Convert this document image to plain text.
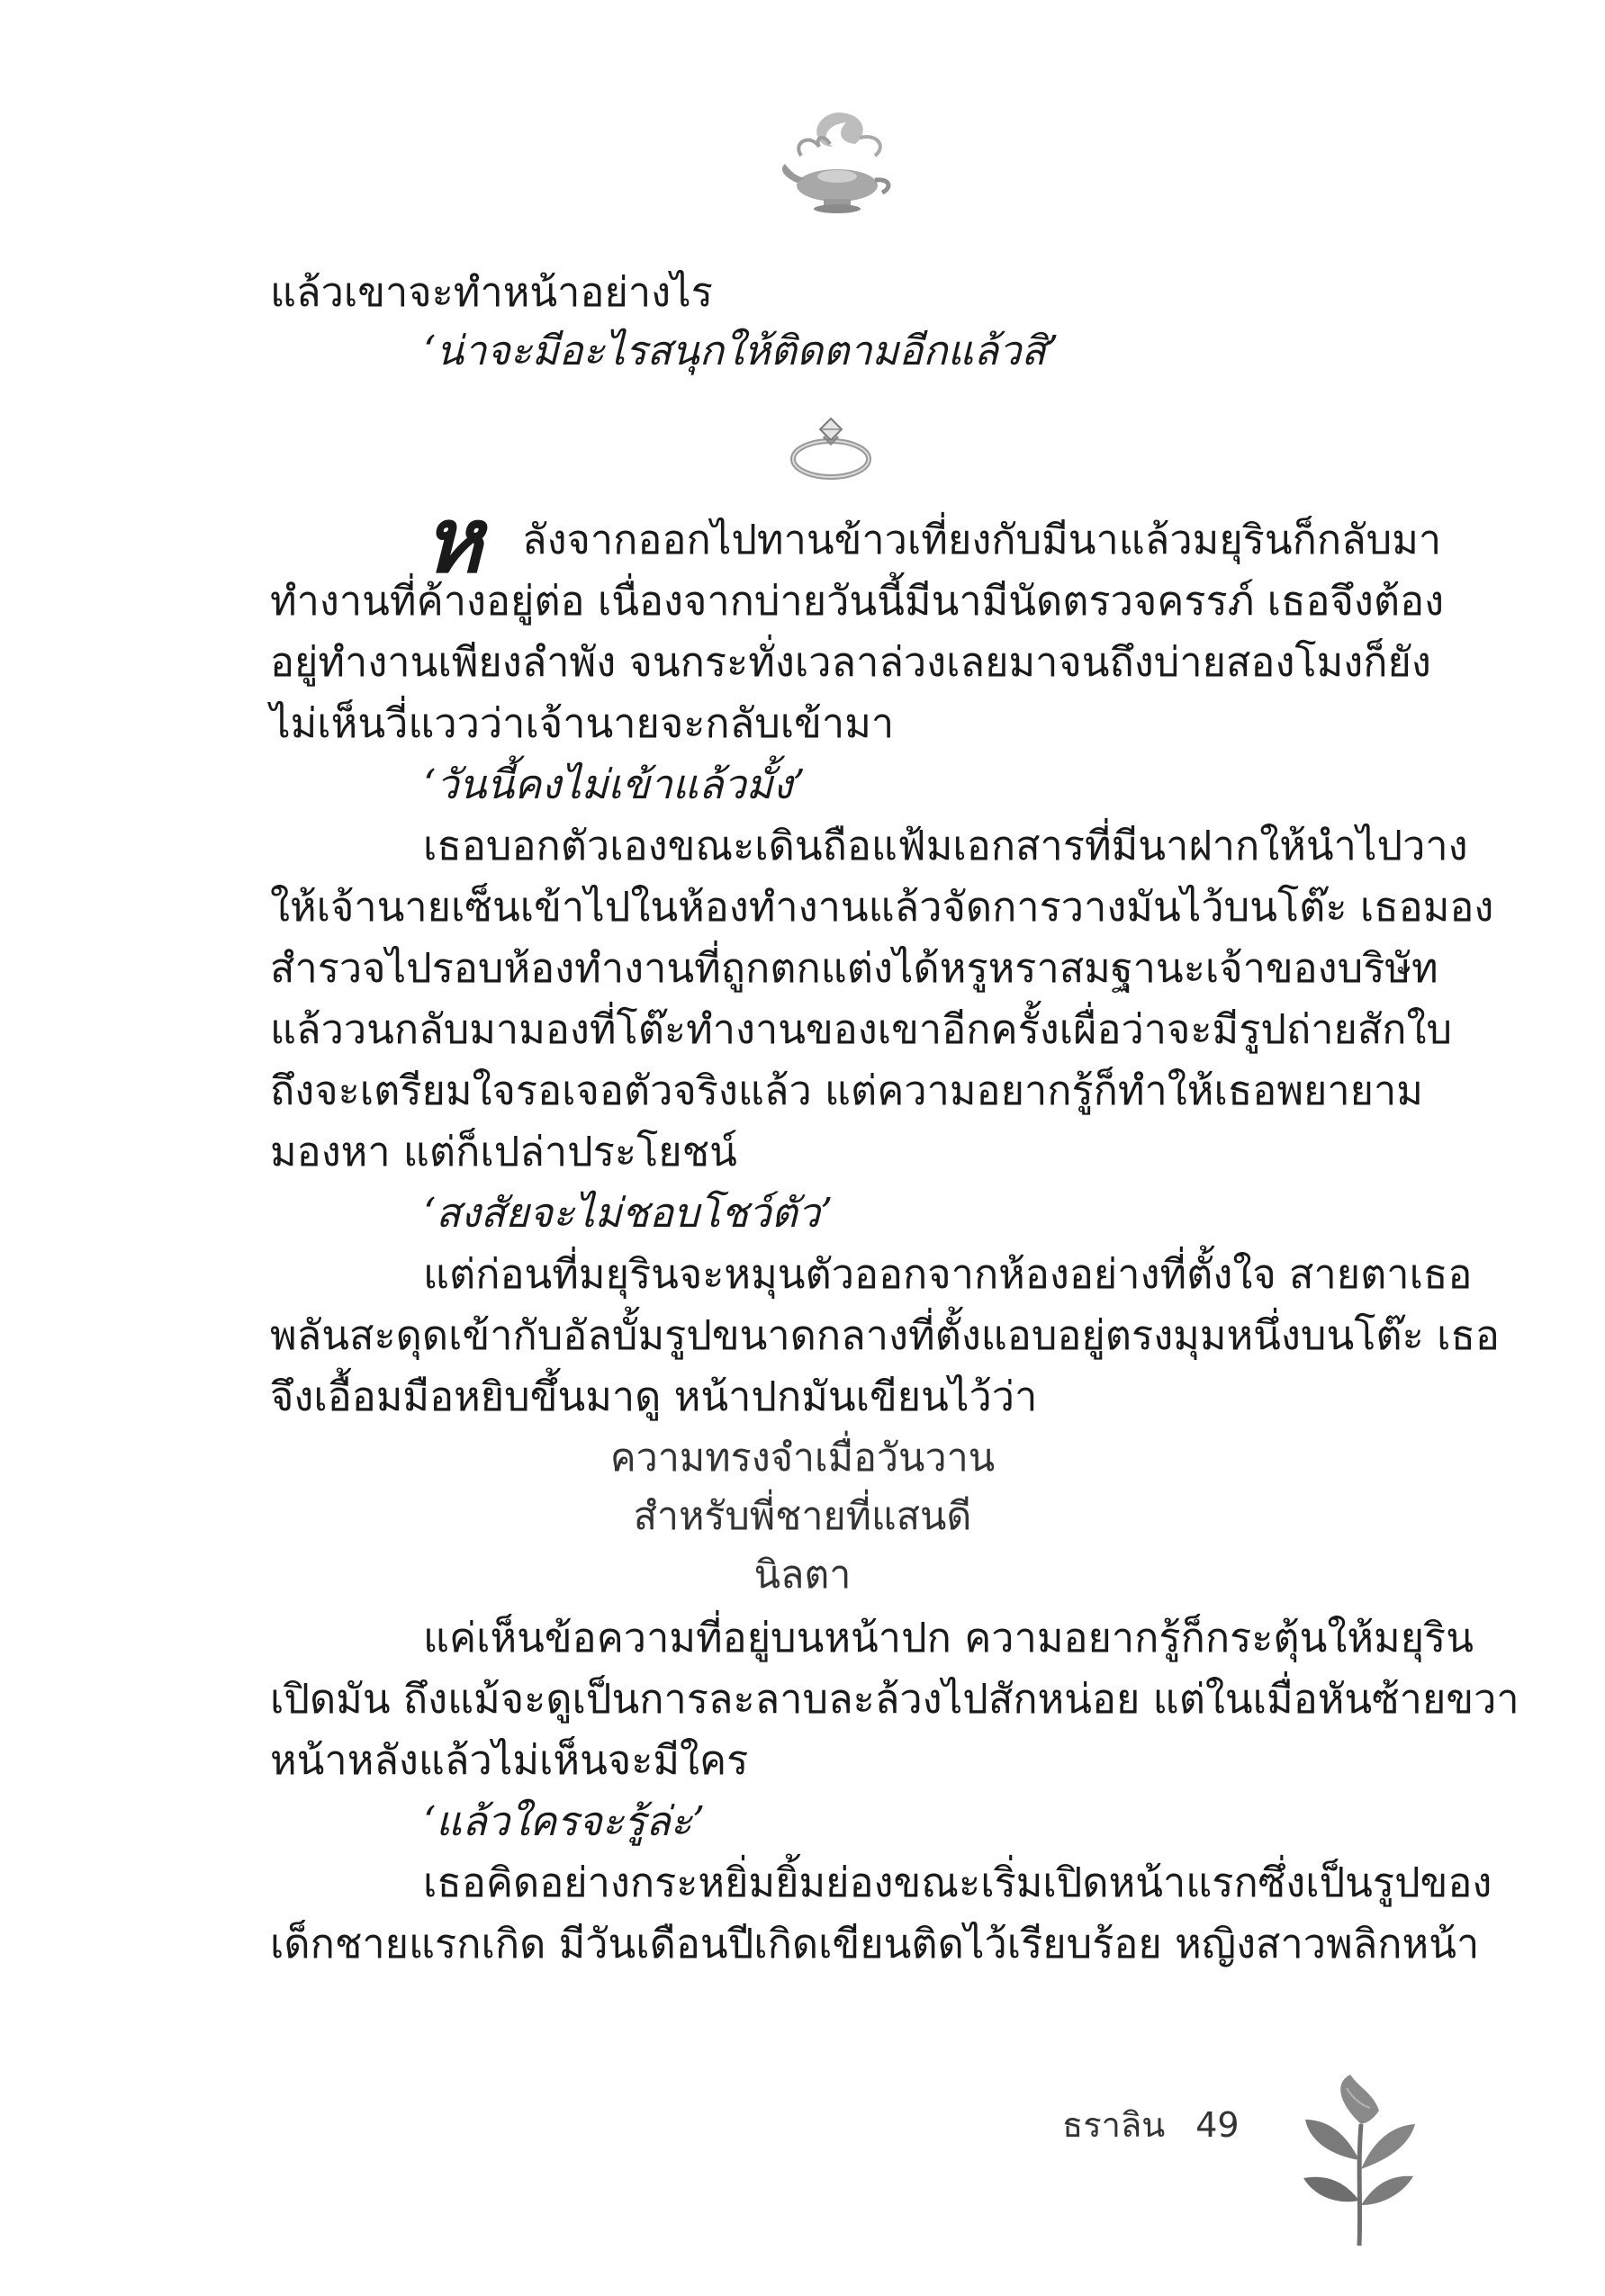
แล้วเขาจะทำหน้าอย่างไร
‘น่าจะมีอะไรสนุกให้ติดตามอีกแล้วสิ’
ห ลังจากออกไปทานข้าวเที่ยงกับมีนาแล้วมยุรินก็กลับมา
ทำงานที่ค้างอยู่ต่อ เนื่องจากบ่ายวันนี้มีนามีนัดตรวจครรภ์ เธอจึงต้อง
อยู่ทำงานเพียงลำพัง จนกระทั่งเวลาล่วงเลยมาจนถึงบ่ายสองโมงก็ยัง
ไม่เห็นวี่แววว่าเจ้านายจะกลับเข้ามา
‘วันนี้คงไม่เข้าแล้วมั้ง’
เธอบอกตัวเองขณะเดินถือแฟ้มเอกสารที่มีนาฝากให้นำไปวาง
ให้เจ้านายเซ็นเข้าไปในห้องทำงานแล้วจัดการวางมันไว้บนโต๊ะ เธอมอง
สำรวจไปรอบห้องทำงานที่ถูกตกแต่งได้หรูหราสมฐานะเจ้าของบริษัท
แล้ววนกลับมามองที่โต๊ะทำงานของเขาอีกครั้งเผื่อว่าจะมีรูปถ่ายสักใบ
ถึงจะเตรียมใจรอเจอตัวจริงแล้ว แต่ความอยากรู้ก็ทำให้เธอพยายาม
มองหา แต่ก็เปล่าประโยชน์
‘สงสัยจะไม่ชอบโชว์ตัว’
แต่ก่อนที่มยุรินจะหมุนตัวออกจากห้องอย่างที่ตั้งใจ สายตาเธอ
พลันสะดุดเข้ากับอัลบั้มรูปขนาดกลางที่ตั้งแอบอยู่ตรงมุมหนึ่งบนโต๊ะ เธอ
จึงเอื้อมมือหยิบขึ้นมาดู หน้าปกมันเขียนไว้ว่า
ความทรงจำเมื่อวันวาน
สำหรับพี่ชายที่แสนดี
นิลตา
แค่เห็นข้อความที่อยู่บนหน้าปก ความอยากรู้ก็กระตุ้นให้มยุริน
เปิดมัน ถึงแม้จะดูเป็นการละลาบละล้วงไปสักหน่อย แต่ในเมื่อหันซ้ายขวา
หน้าหลังแล้วไม่เห็นจะมีใคร
‘แล้วใครจะรู้ล่ะ’
เธอคิดอย่างกระหยิ่มยิ้มย่องขณะเริ่มเปิดหน้าแรกซึ่งเป็นรูปของ
เด็กชายแรกเกิด มีวันเดือนปีเกิดเขียนติดไว้เรียบร้อย หญิงสาวพลิกหน้า
ธราลิน 49
